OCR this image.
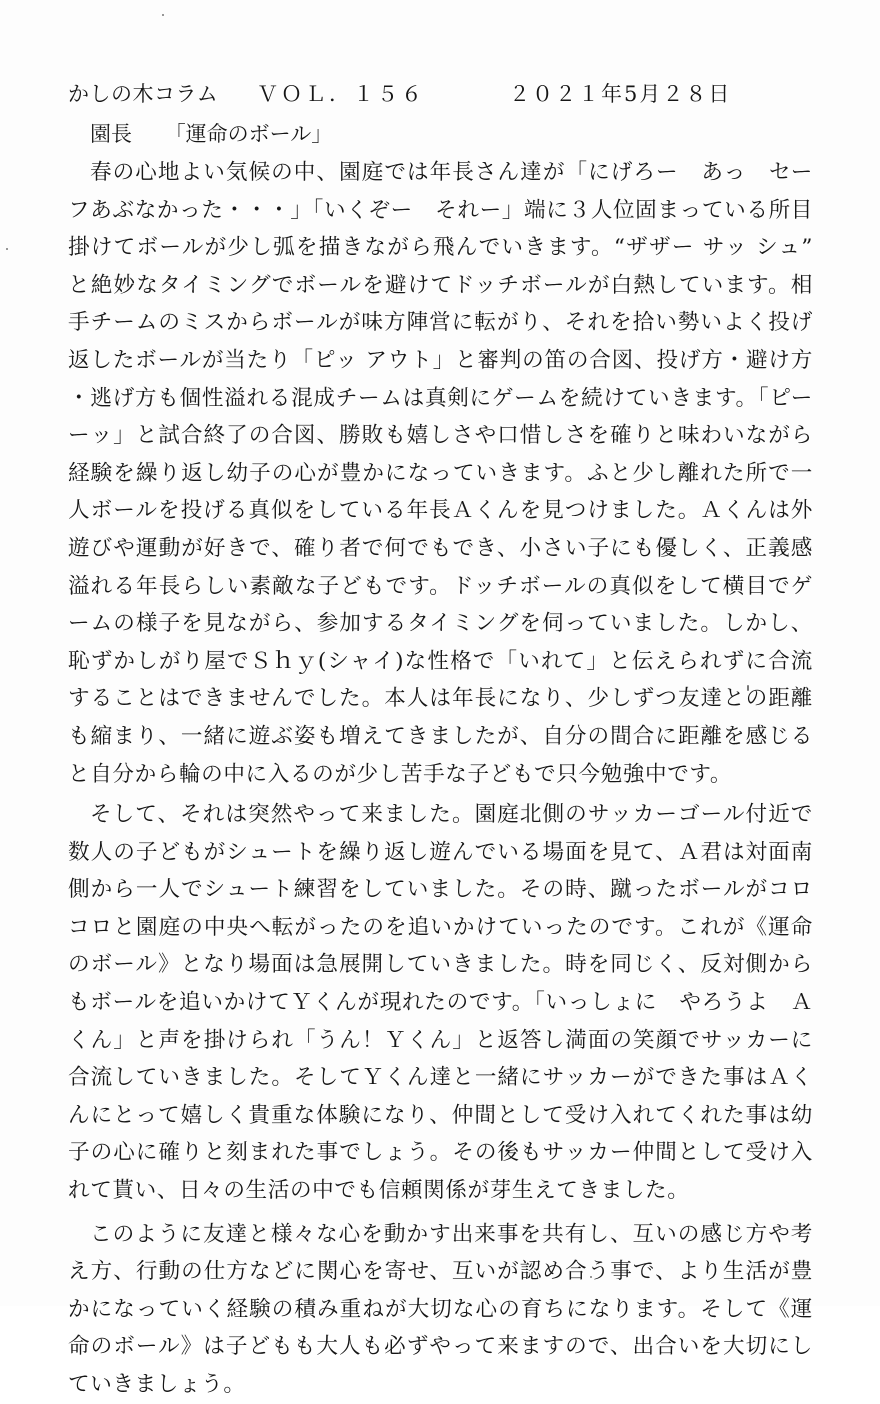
かしの木コラム	ＶＯＬ．１５６	２０２１年5月２８日
園長 「運命のボール」

春の心地よい気候の中、園庭では年長さん達が「にげろー　あっ　セーフあぶなかった・・・」「いくぞー　それー」端に３人位固まっている所目掛けてボールが少し弧を描きながら飛んでいきます。“ザザー サッ シュ”と絶妙なタイミングでボールを避けてドッチボールが白熱しています。相手チームのミスからボールが味方陣営に転がり、それを拾い勢いよく投げ返したボールが当たり「ピッ アウト」と審判の笛の合図、投げ方・避け方・逃げ方も個性溢れる混成チームは真剣にゲームを続けていきます。「ピーーッ」と試合終了の合図、勝敗も嬉しさや口惜しさを確りと味わいながら経験を繰り返し幼子の心が豊かになっていきます。ふと少し離れた所で一人ボールを投げる真似をしている年長Ａくんを見つけました。Ａくんは外遊びや運動が好きで、確り者で何でもでき、小さい子にも優しく、正義感溢れる年長らしい素敵な子どもです。ドッチボールの真似をして横目でゲームの様子を見ながら、参加するタイミングを伺っていました。しかし、恥ずかしがり屋でＳｈｙ(シャイ)な性格で「いれて」と伝えられずに合流することはできませんでした。本人は年長になり、少しずつ友達との距離も縮まり、一緒に遊ぶ姿も増えてきましたが、自分の間合に距離を感じると自分から輪の中に入るのが少し苦手な子どもで只今勉強中です。

そして、それは突然やって来ました。園庭北側のサッカーゴール付近で数人の子どもがシュートを繰り返し遊んでいる場面を見て、Ａ君は対面南側から一人でシュート練習をしていました。その時、蹴ったボールがコロコロと園庭の中央へ転がったのを追いかけていったのです。これが《運命のボール》となり場面は急展開していきました。時を同じく、反対側からもボールを追いかけてＹくんが現れたのです。「いっしょに　やろうよ　Ａくん」と声を掛けられ「うん！Ｙくん」と返答し満面の笑顔でサッカーに合流していきました。そしてＹくん達と一緒にサッカーができた事はＡくんにとって嬉しく貴重な体験になり、仲間として受け入れてくれた事は幼子の心に確りと刻まれた事でしょう。その後もサッカー仲間として受け入れて貰い、日々の生活の中でも信頼関係が芽生えてきました。

このように友達と様々な心を動かす出来事を共有し、互いの感じ方や考え方、行動の仕方などに関心を寄せ、互いが認め合う事で、より生活が豊かになっていく経験の積み重ねが大切な心の育ちになります。そして《運命のボール》は子どもも大人も必ずやって来ますので、出合いを大切にしていきましょう。
